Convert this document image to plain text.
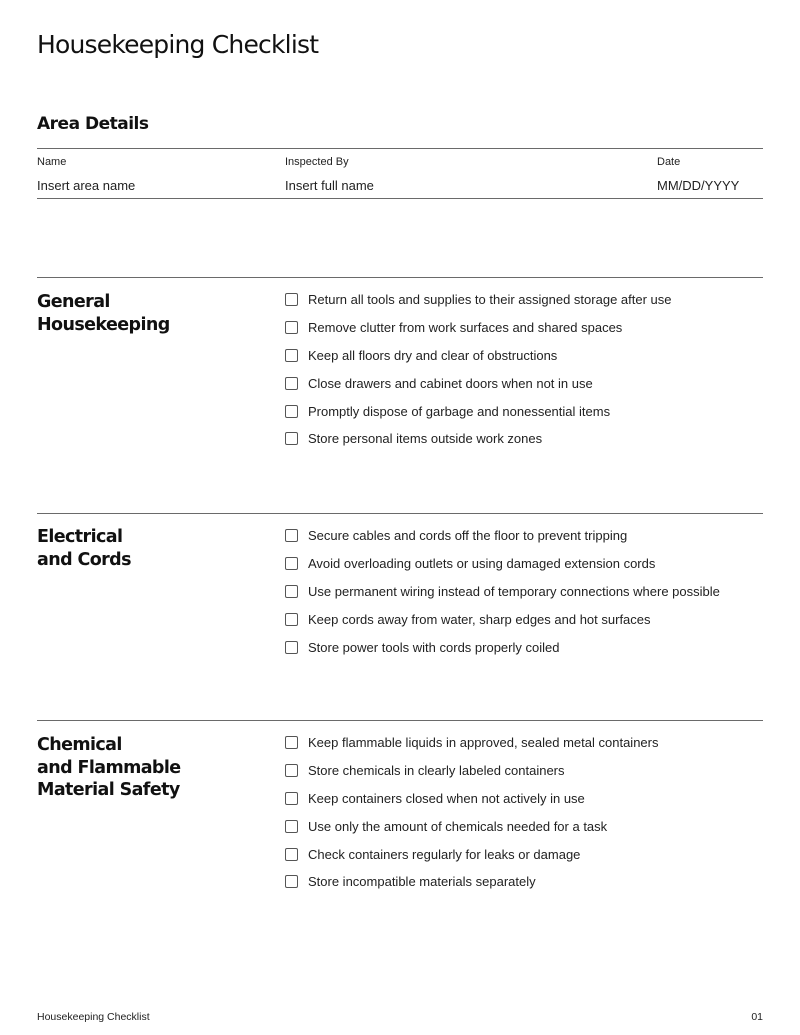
Housekeeping Checklist
Area Details
Name
Insert area name
Inspected By
Insert full name
Date
MM/DD/YYYY
General
Housekeeping
Return all tools and supplies to their assigned storage after use
Remove clutter from work surfaces and shared spaces
Keep all floors dry and clear of obstructions
Close drawers and cabinet doors when not in use
Promptly dispose of garbage and nonessential items
Store personal items outside work zones
Electrical
and Cords
Secure cables and cords off the floor to prevent tripping
Avoid overloading outlets or using damaged extension cords
Use permanent wiring instead of temporary connections where possible
Keep cords away from water, sharp edges and hot surfaces
Store power tools with cords properly coiled
Chemical
and Flammable
Material Safety
Keep flammable liquids in approved, sealed metal containers
Store chemicals in clearly labeled containers
Keep containers closed when not actively in use
Use only the amount of chemicals needed for a task
Check containers regularly for leaks or damage
Store incompatible materials separately
Housekeeping Checklist	01
